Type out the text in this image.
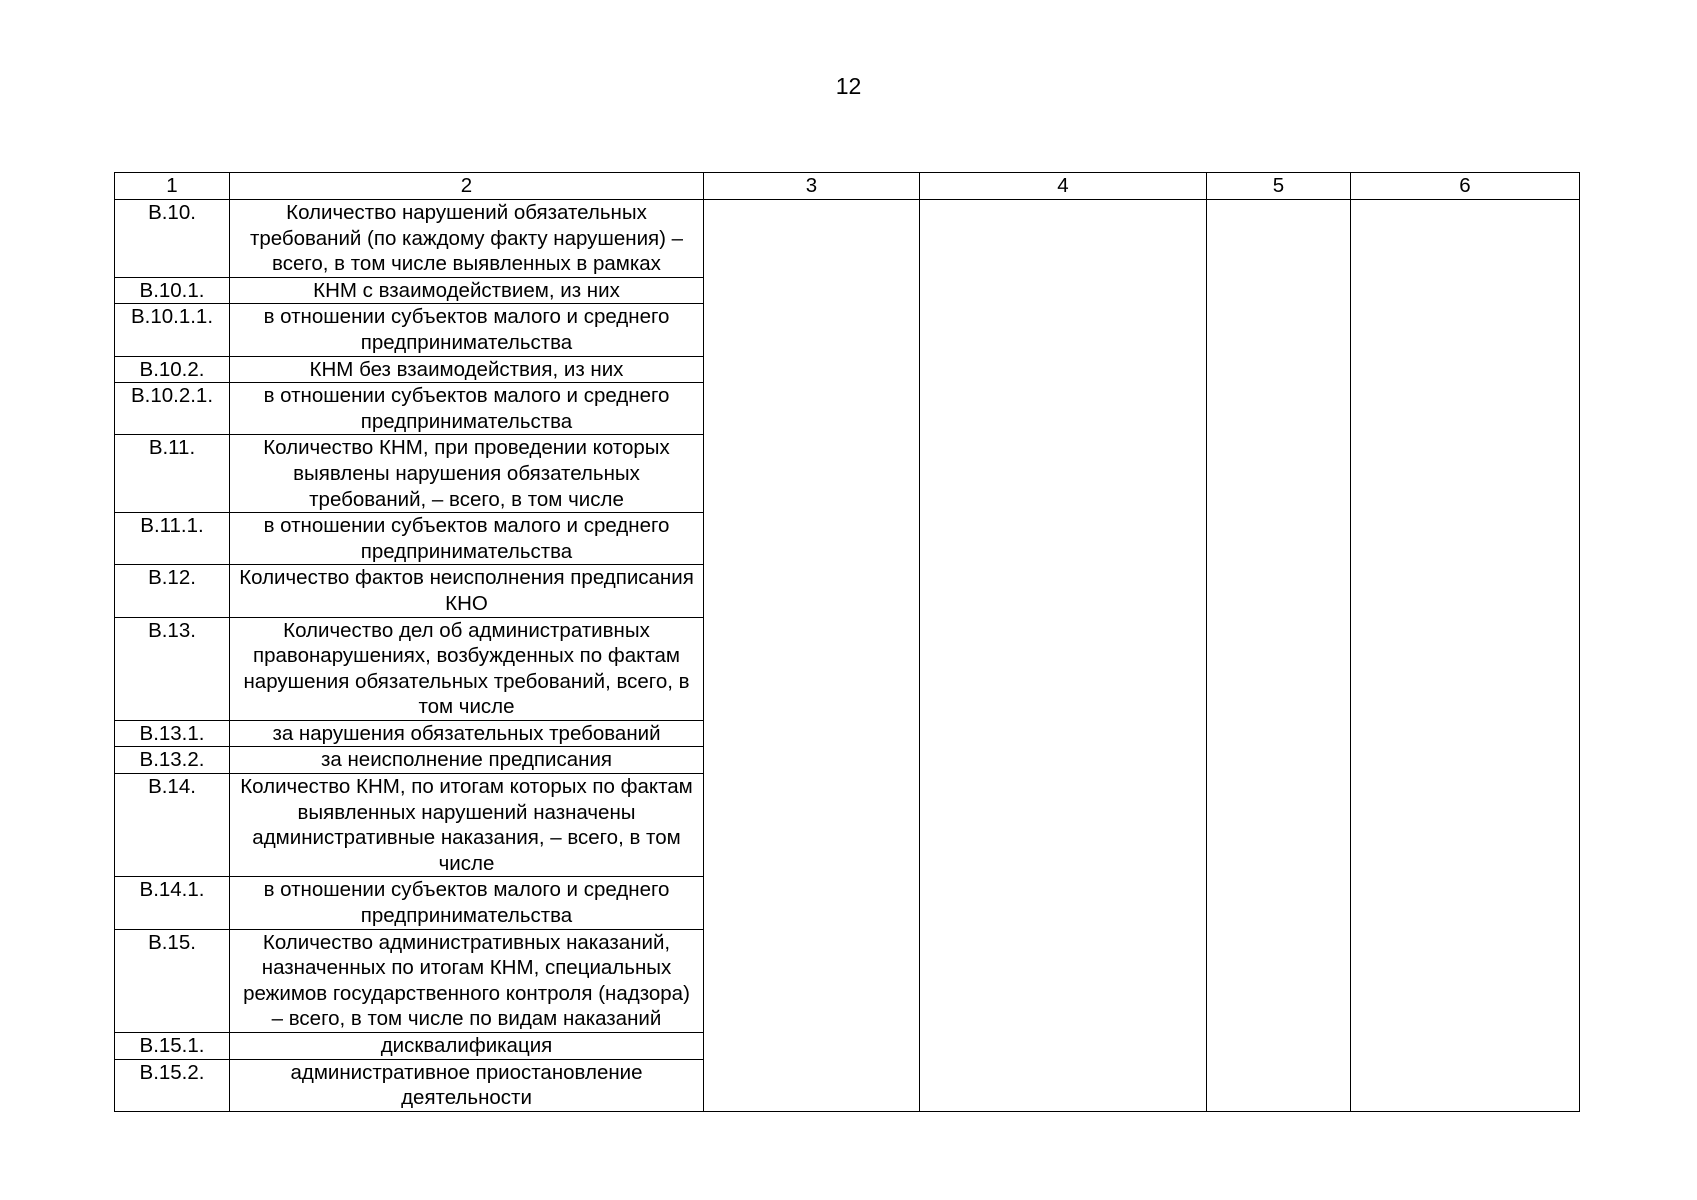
12
1	2	3	4	5	6
В.10.	Количество нарушений обязательных требований (по каждому факту нарушения) – всего, в том числе выявленных в рамках				
В.10.1.	КНМ с взаимодействием, из них				
В.10.1.1.	в отношении субъектов малого и среднего предпринимательства				
В.10.2.	КНМ без взаимодействия, из них				
В.10.2.1.	в отношении субъектов малого и среднего предпринимательства				
В.11.	Количество КНМ, при проведении которых выявлены нарушения обязательных требований, – всего, в том числе				
В.11.1.	в отношении субъектов малого и среднего предпринимательства				
В.12.	Количество фактов неисполнения предписания КНО				
В.13.	Количество дел об административных правонарушениях, возбужденных по фактам нарушения обязательных требований, всего, в том числе				
В.13.1.	за нарушения обязательных требований				
В.13.2.	за неисполнение предписания				
В.14.	Количество КНМ, по итогам которых по фактам выявленных нарушений назначены административные наказания, – всего, в том числе				
В.14.1.	в отношении субъектов малого и среднего предпринимательства				
В.15.	Количество административных наказаний, назначенных по итогам КНМ, специальных режимов государственного контроля (надзора) – всего, в том числе по видам наказаний				
В.15.1.	дисквалификация				
В.15.2.	административное приостановление деятельности				
